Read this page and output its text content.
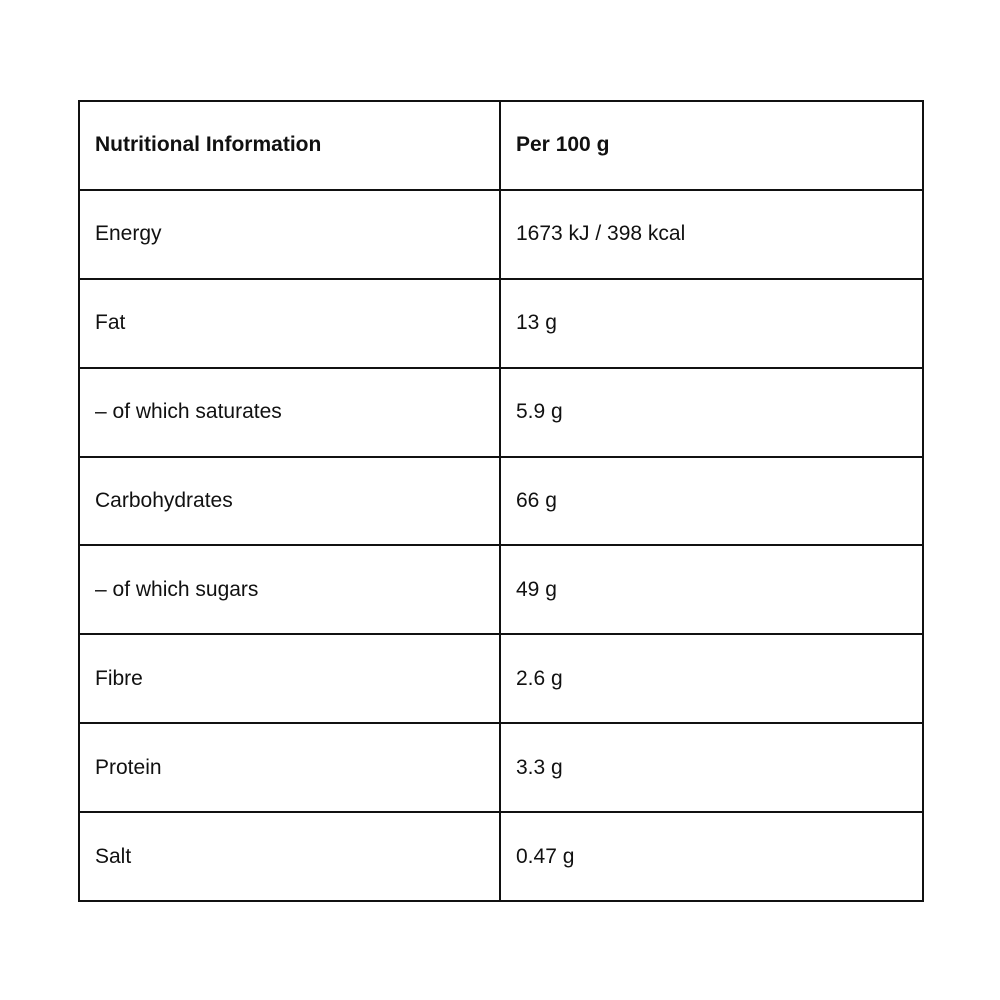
Nutritional Information	Per 100 g
Energy	1673 kJ / 398 kcal
Fat	13 g
– of which saturates	5.9 g
Carbohydrates	66 g
– of which sugars	49 g
Fibre	2.6 g
Protein	3.3 g
Salt	0.47 g
